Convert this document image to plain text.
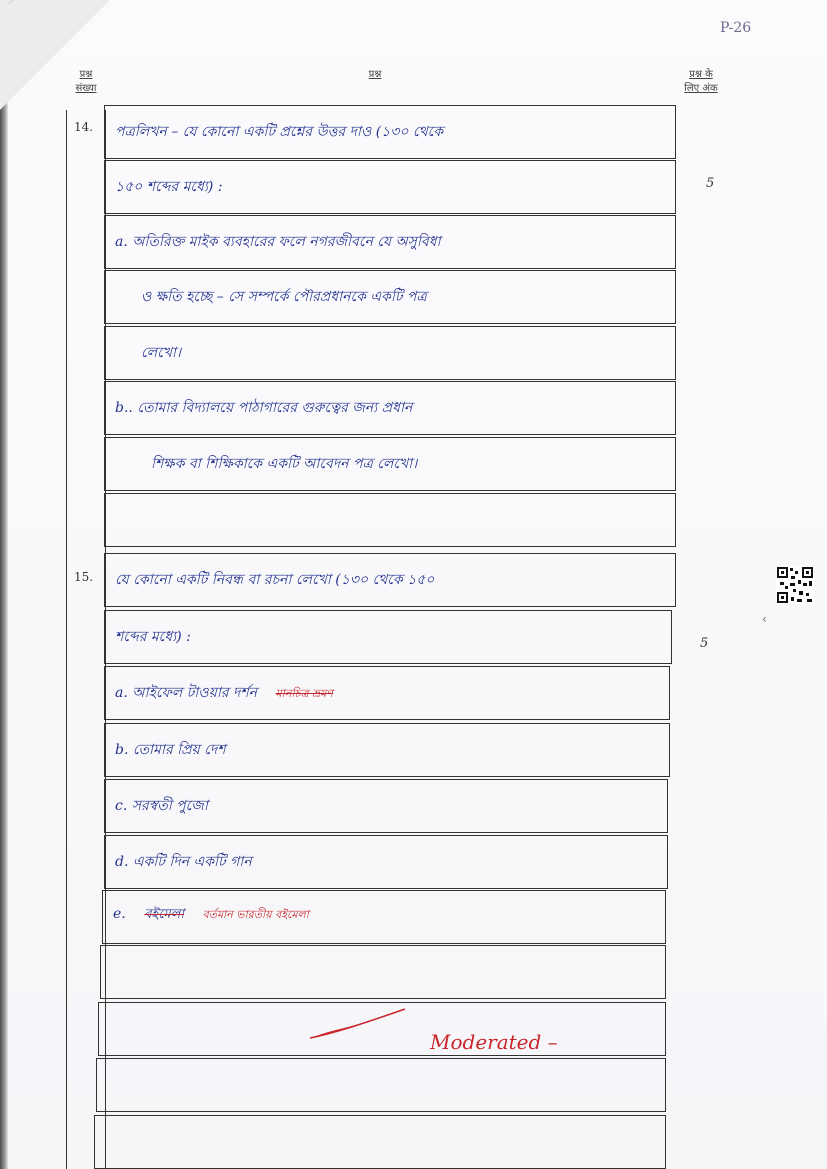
P-26
प्रश्न
संख्या
प्रश्न	प्रश्न के
लिए अंक
14.
5
পত্রলিখন – যে কোনো একটি প্রশ্নের উত্তর দাও (১৩০ থেকে
১৫০ শব্দের মধ্যে) :
a. অতিরিক্ত মাইক ব্যবহারের ফলে নগরজীবনে যে অসুবিধা
ও ক্ষতি হচ্ছে – সে সম্পর্কে পৌরপ্রধানকে একটি পত্র
লেখো।
b.. তোমার বিদ্যালয়ে পাঠাগারের গুরুত্বের জন্য প্রধান
শিক্ষক বা শিক্ষিকাকে একটি আবেদন পত্র লেখো।
15.
5
যে কোনো একটি নিবন্ধ বা রচনা লেখো (১৩০ থেকে ১৫০
শব্দের মধ্যে) :
a. আইফেল টাওয়ার দর্শন মানচিত্র ভ্রমণ
b. তোমার প্রিয় দেশ
c. সরস্বতী পুজো
d. একটি দিন একটি গান
e. বইমেলা বর্তমান ভারতীয় বইমেলা
Moderated –
‹
